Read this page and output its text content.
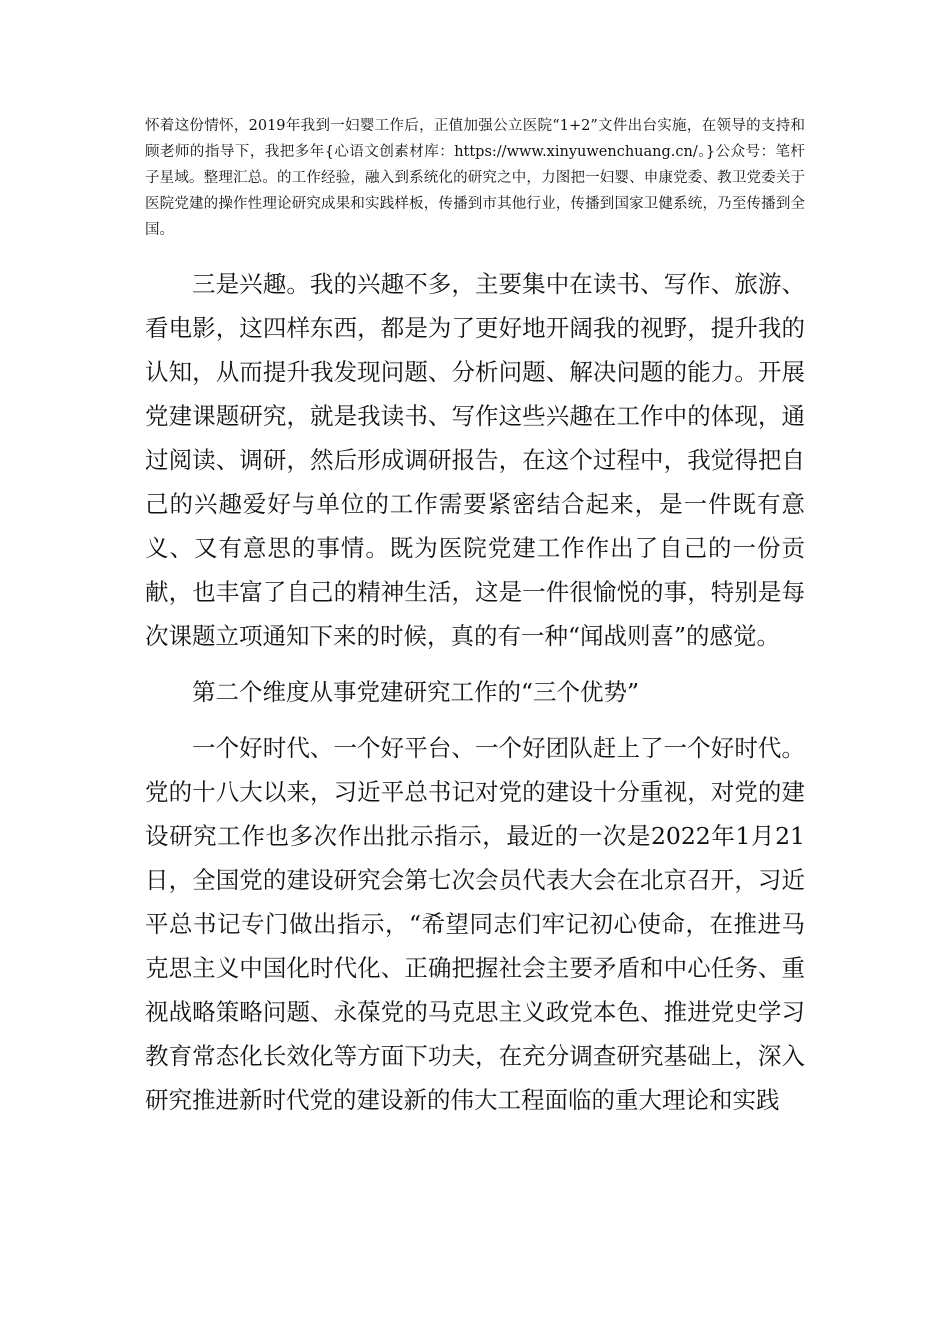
怀着这份情怀，2019年我到一妇婴工作后，正值加强公立医院“1+2”文件出台实施，在领导的支持和顾老师的指导下，我把多年{心语文创素材库：https://www.xinyuwenchuang.cn/。}公众号：笔杆子星域。整理汇总。的工作经验，融入到系统化的研究之中，力图把一妇婴、申康党委、教卫党委关于医院党建的操作性理论研究成果和实践样板，传播到市其他行业，传播到国家卫健系统，乃至传播到全国。

三是兴趣。我的兴趣不多，主要集中在读书、写作、旅游、看电影，这四样东西，都是为了更好地开阔我的视野，提升我的认知，从而提升我发现问题、分析问题、解决问题的能力。开展党建课题研究，就是我读书、写作这些兴趣在工作中的体现，通过阅读、调研，然后形成调研报告，在这个过程中，我觉得把自己的兴趣爱好与单位的工作需要紧密结合起来，是一件既有意义、又有意思的事情。既为医院党建工作作出了自己的一份贡献，也丰富了自己的精神生活，这是一件很愉悦的事，特别是每次课题立项通知下来的时候，真的有一种“闻战则喜”的感觉。

第二个维度从事党建研究工作的“三个优势”

一个好时代、一个好平台、一个好团队赶上了一个好时代。党的十八大以来，习近平总书记对党的建设十分重视，对党的建设研究工作也多次作出批示指示，最近的一次是2022年1月21日，全国党的建设研究会第七次会员代表大会在北京召开，习近平总书记专门做出指示，“希望同志们牢记初心使命，在推进马克思主义中国化时代化、正确把握社会主要矛盾和中心任务、重视战略策略问题、永葆党的马克思主义政党本色、推进党史学习教育常态化长效化等方面下功夫，在充分调查研究基础上，深入研究推进新时代党的建设新的伟大工程面临的重大理论和实践
